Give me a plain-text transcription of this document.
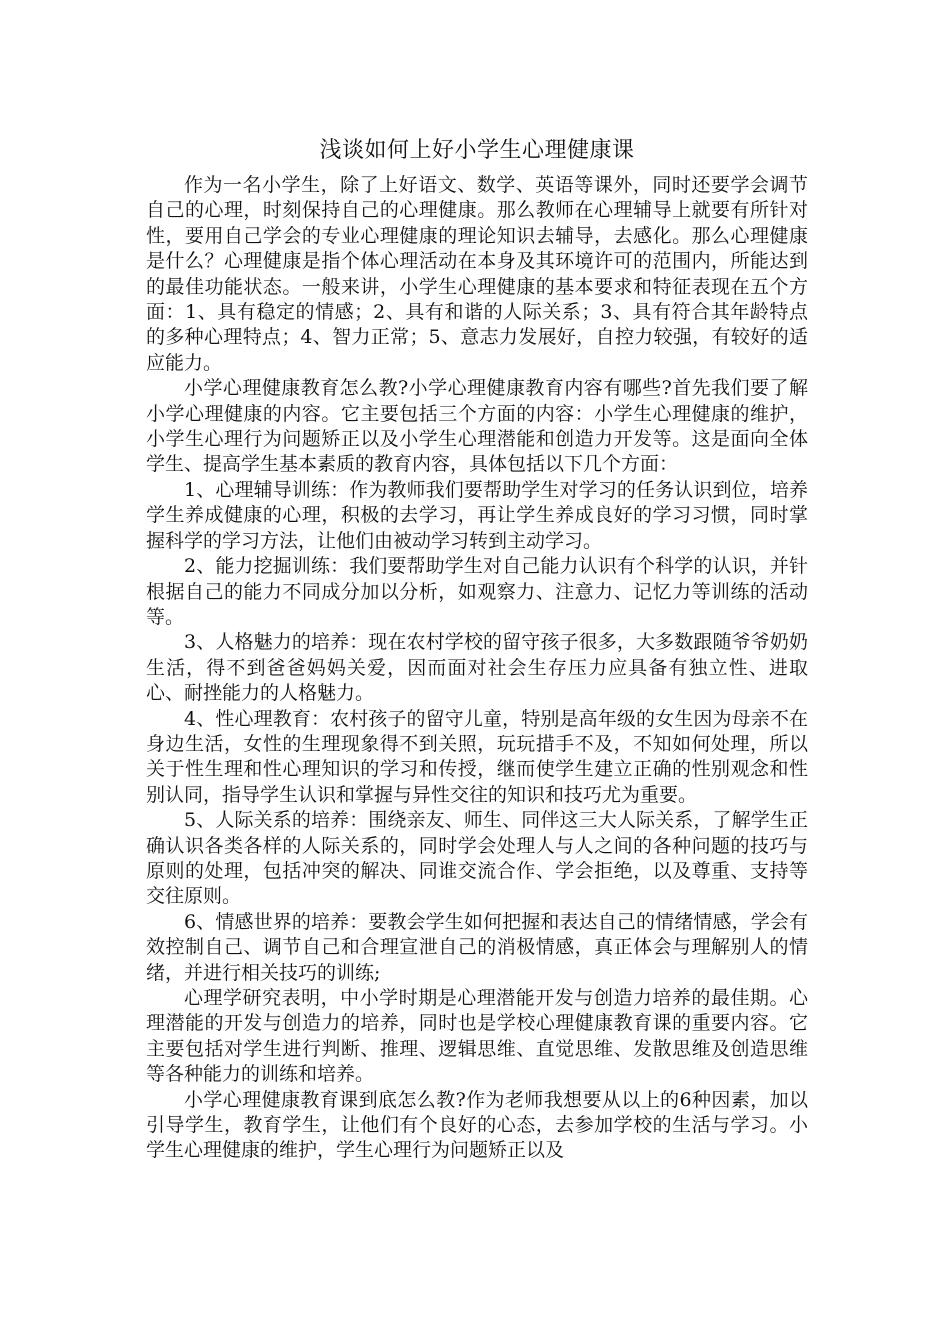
浅谈如何上好小学生心理健康课

作为一名小学生，除了上好语文、数学、英语等课外，同时还要学会调节自己的心理，时刻保持自己的心理健康。那么教师在心理辅导上就要有所针对性，要用自己学会的专业心理健康的理论知识去辅导，去感化。那么心理健康是什么？心理健康是指个体心理活动在本身及其环境许可的范围内，所能达到的最佳功能状态。一般来讲，小学生心理健康的基本要求和特征表现在五个方面：1、具有稳定的情感；2、具有和谐的人际关系；3、具有符合其年龄特点的多种心理特点；4、智力正常；5、意志力发展好，自控力较强，有较好的适应能力。

小学心理健康教育怎么教?小学心理健康教育内容有哪些?首先我们要了解小学心理健康的内容。它主要包括三个方面的内容：小学生心理健康的维护，小学生心理行为问题矫正以及小学生心理潜能和创造力开发等。这是面向全体学生、提高学生基本素质的教育内容，具体包括以下几个方面：

1、心理辅导训练：作为教师我们要帮助学生对学习的任务认识到位，培养学生养成健康的心理，积极的去学习，再让学生养成良好的学习习惯，同时掌握科学的学习方法，让他们由被动学习转到主动学习。

2、能力挖掘训练：我们要帮助学生对自己能力认识有个科学的认识，并针根据自己的能力不同成分加以分析，如观察力、注意力、记忆力等训练的活动等。

3、人格魅力的培养：现在农村学校的留守孩子很多，大多数跟随爷爷奶奶生活，得不到爸爸妈妈关爱，因而面对社会生存压力应具备有独立性、进取心、耐挫能力的人格魅力。

4、性心理教育：农村孩子的留守儿童，特别是高年级的女生因为母亲不在身边生活，女性的生理现象得不到关照，玩玩措手不及，不知如何处理，所以关于性生理和性心理知识的学习和传授，继而使学生建立正确的性别观念和性别认同，指导学生认识和掌握与异性交往的知识和技巧尤为重要。

5、人际关系的培养：围绕亲友、师生、同伴这三大人际关系，了解学生正确认识各类各样的人际关系的，同时学会处理人与人之间的各种问题的技巧与原则的处理，包括冲突的解决、同谁交流合作、学会拒绝，以及尊重、支持等交往原则。

6、情感世界的培养：要教会学生如何把握和表达自己的情绪情感，学会有效控制自己、调节自己和合理宣泄自己的消极情感，真正体会与理解别人的情绪，并进行相关技巧的训练;

心理学研究表明，中小学时期是心理潜能开发与创造力培养的最佳期。心理潜能的开发与创造力的培养，同时也是学校心理健康教育课的重要内容。它主要包括对学生进行判断、推理、逻辑思维、直觉思维、发散思维及创造思维等各种能力的训练和培养。

小学心理健康教育课到底怎么教?作为老师我想要从以上的6种因素，加以引导学生，教育学生，让他们有个良好的心态，去参加学校的生活与学习。小学生心理健康的维护，学生心理行为问题矫正以及
